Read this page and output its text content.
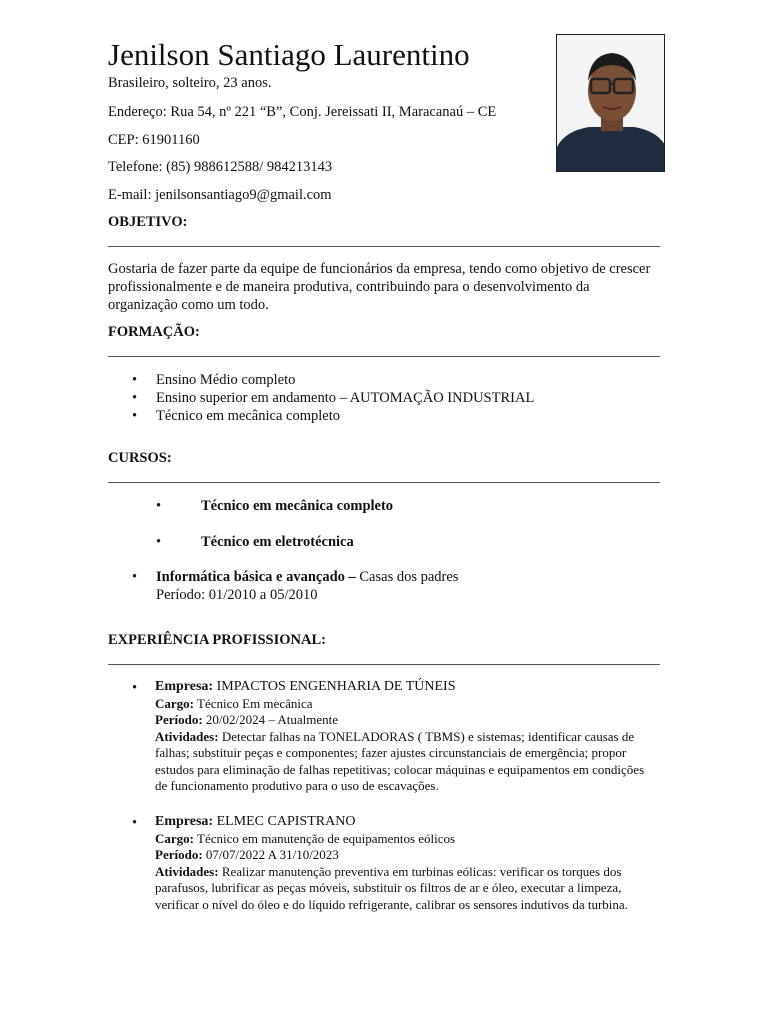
Jenilson Santiago Laurentino
Brasileiro, solteiro, 23 anos.
Endereço: Rua 54, nº 221 “B”, Conj. Jereissati II, Maracanaú – CE
CEP: 61901160
Telefone: (85) 988612588/ 984213143
E-mail: jenilsonsantiago9@gmail.com
OBJETIVO:
Gostaria de fazer parte da equipe de funcionários da empresa, tendo como objetivo de crescer profissionalmente e de maneira produtiva, contribuindo para o desenvolvimento da organização como um todo.
FORMAÇÃO:
• Ensino Médio completo
• Ensino superior em andamento – AUTOMAÇÃO INDUSTRIAL
• Técnico em mecânica completo
CURSOS:
•	Técnico em mecânica completo
•	Técnico em eletrotécnica
• Informática básica e avançado – Casas dos padres
Período: 01/2010 a 05/2010
EXPERIÊNCIA PROFISSIONAL:
• Empresa: IMPACTOS ENGENHARIA DE TÚNEIS
Cargo: Técnico Em mecânica
Período: 20/02/2024 – Atualmente
Atividades: Detectar falhas na TONELADORAS ( TBMS) e sistemas; identificar causas de falhas; substituir peças e componentes; fazer ajustes circunstanciais de emergência; propor estudos para eliminação de falhas repetitivas; colocar máquinas e equipamentos em condições de funcionamento produtivo para o uso de escavações.
• Empresa: ELMEC CAPISTRANO
Cargo: Técnico em manutenção de equipamentos eólicos
Período: 07/07/2022 A 31/10/2023
Atividades: Realizar manutenção preventiva em turbinas eólicas: verificar os torques dos parafusos, lubrificar as peças móveis, substituir os filtros de ar e óleo, executar a limpeza, verificar o nível do óleo e do líquido refrigerante, calibrar os sensores indutivos da turbina.
